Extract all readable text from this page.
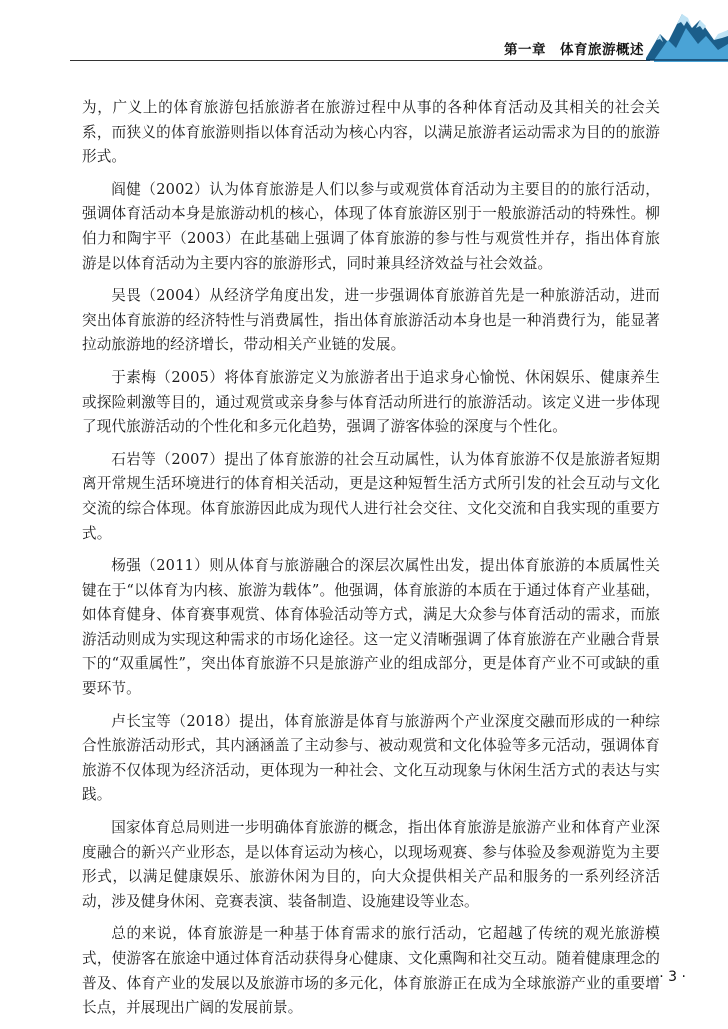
第一章　体育旅游概述

为，广义上的体育旅游包括旅游者在旅游过程中从事的各种体育活动及其相关的社会关系，而狭义的体育旅游则指以体育活动为核心内容，以满足旅游者运动需求为目的的旅游形式。

阎健（2002）认为体育旅游是人们以参与或观赏体育活动为主要目的的旅行活动，强调体育活动本身是旅游动机的核心，体现了体育旅游区别于一般旅游活动的特殊性。柳伯力和陶宇平（2003）在此基础上强调了体育旅游的参与性与观赏性并存，指出体育旅游是以体育活动为主要内容的旅游形式，同时兼具经济效益与社会效益。

吴畏（2004）从经济学角度出发，进一步强调体育旅游首先是一种旅游活动，进而突出体育旅游的经济特性与消费属性，指出体育旅游活动本身也是一种消费行为，能显著拉动旅游地的经济增长，带动相关产业链的发展。

于素梅（2005）将体育旅游定义为旅游者出于追求身心愉悦、休闲娱乐、健康养生或探险刺激等目的，通过观赏或亲身参与体育活动所进行的旅游活动。该定义进一步体现了现代旅游活动的个性化和多元化趋势，强调了游客体验的深度与个性化。

石岩等（2007）提出了体育旅游的社会互动属性，认为体育旅游不仅是旅游者短期离开常规生活环境进行的体育相关活动，更是这种短暂生活方式所引发的社会互动与文化交流的综合体现。体育旅游因此成为现代人进行社会交往、文化交流和自我实现的重要方式。

杨强（2011）则从体育与旅游融合的深层次属性出发，提出体育旅游的本质属性关键在于“以体育为内核、旅游为载体”。他强调，体育旅游的本质在于通过体育产业基础，如体育健身、体育赛事观赏、体育体验活动等方式，满足大众参与体育活动的需求，而旅游活动则成为实现这种需求的市场化途径。这一定义清晰强调了体育旅游在产业融合背景下的“双重属性”，突出体育旅游不只是旅游产业的组成部分，更是体育产业不可或缺的重要环节。

卢长宝等（2018）提出，体育旅游是体育与旅游两个产业深度交融而形成的一种综合性旅游活动形式，其内涵涵盖了主动参与、被动观赏和文化体验等多元活动，强调体育旅游不仅体现为经济活动，更体现为一种社会、文化互动现象与休闲生活方式的表达与实践。

国家体育总局则进一步明确体育旅游的概念，指出体育旅游是旅游产业和体育产业深度融合的新兴产业形态，是以体育运动为核心，以现场观赛、参与体验及参观游览为主要形式，以满足健康娱乐、旅游休闲为目的，向大众提供相关产品和服务的一系列经济活动，涉及健身休闲、竞赛表演、装备制造、设施建设等业态。

总的来说，体育旅游是一种基于体育需求的旅行活动，它超越了传统的观光旅游模式，使游客在旅途中通过体育活动获得身心健康、文化熏陶和社交互动。随着健康理念的普及、体育产业的发展以及旅游市场的多元化，体育旅游正在成为全球旅游产业的重要增长点，并展现出广阔的发展前景。

· 3 ·
